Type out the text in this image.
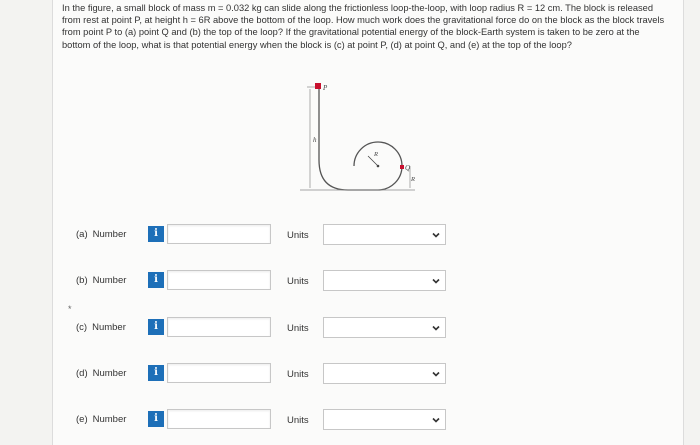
In the figure, a small block of mass m = 0.032 kg can slide along the frictionless loop-the-loop, with loop radius R = 12 cm. The block is released from rest at point P, at height h = 6R above the bottom of the loop. How much work does the gravitational force do on the block as the block travels from point P to (a) point Q and (b) the top of the loop? If the gravitational potential energy of the block-Earth system is taken to be zero at the bottom of the loop, what is that potential energy when the block is (c) at point P, (d) at point Q, and (e) at the top of the loop?

P
h
R
Q
R
*
(a) Number	i	Units
(b) Number	i	Units
(c) Number	i	Units
(d) Number	i	Units
(e) Number	i	Units
